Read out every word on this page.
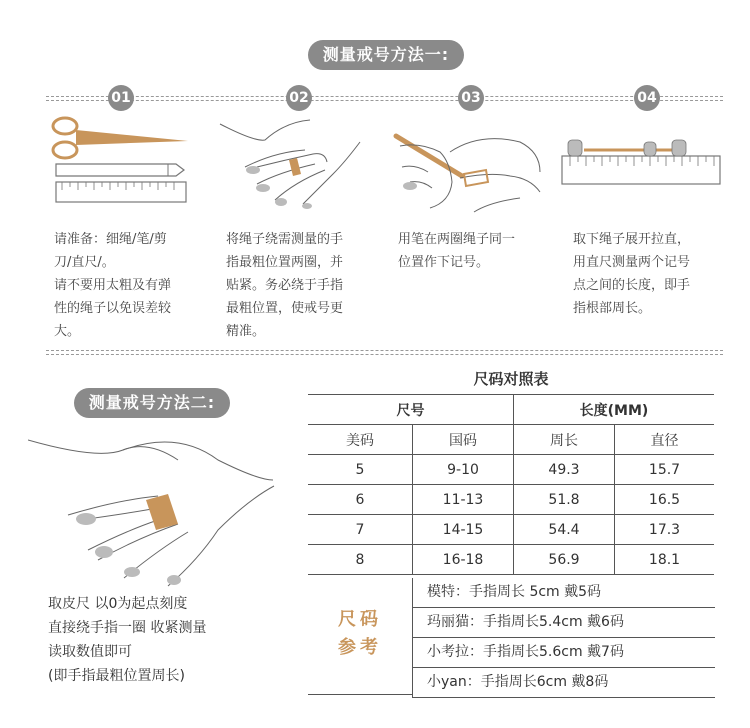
测量戒号方法一:
01	02	03	04

请准备：细绳/笔/剪

刀/直尺/。

请不要用太粗及有弹

性的绳子以免误差较

大。

将绳子绕需测量的手

指最粗位置两圈，并

贴紧。务必绕于手指

最粗位置，使戒号更

精准。

用笔在两圈绳子同一

位置作下记号。

取下绳子展开拉直，

用直尺测量两个记号

点之间的长度，即手

指根部周长。

测量戒号方法二:

取皮尺 以0为起点刻度

直接绕手指一圈 收紧测量

读取数值即可

(即手指最粗位置周长)

尺码对照表
尺号		长度(MM)	
美码	国码	周长	直径
5	9-10	49.3	15.7
6	11-13	51.8	16.5
7	14-15	54.4	17.3
8	16-18	56.9	18.1
尺码
参考
模特：手指周长 5cm 戴5码
玛丽猫：手指周长5.4cm 戴6码
小考拉：手指周长5.6cm 戴7码
小yan：手指周长6cm 戴8码
